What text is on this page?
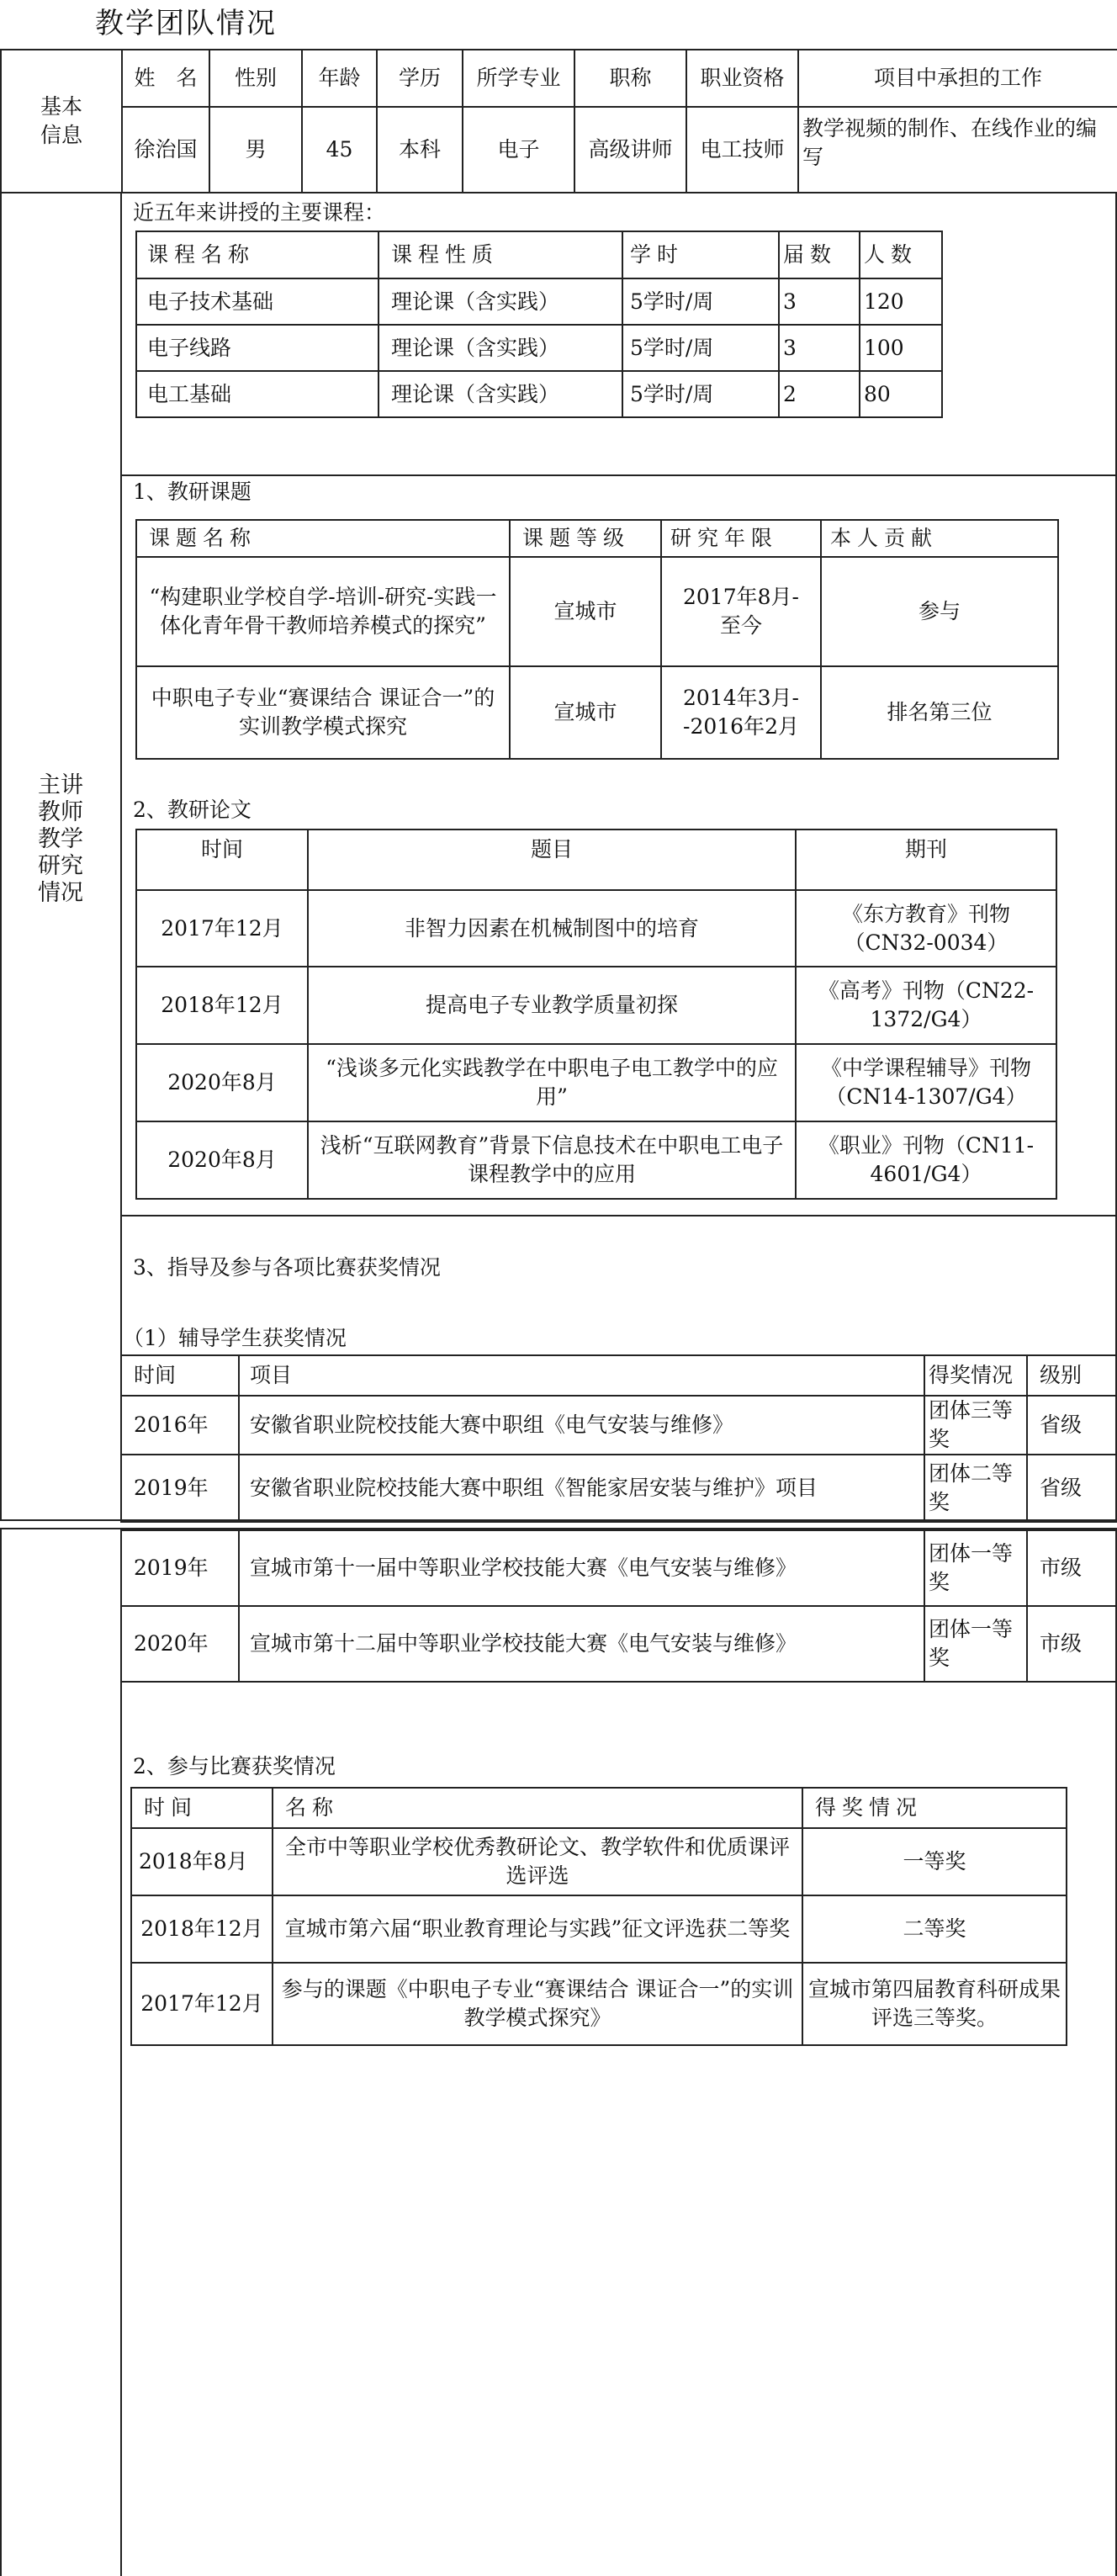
教学团队情况
基本
信息	姓　名	性别	年龄	学历	所学专业	职称	职业资格	项目中承担的工作
	徐治国	男	45	本科	电子	高级讲师	电工技师	教学视频的制作、在线作业的编写
主讲
教师
教学
研究
情况
近五年来讲授的主要课程：
课程名称	课程性质	学时	届数	人数
电子技术基础	理论课（含实践）	5学时/周	3	120
电子线路	理论课（含实践）	5学时/周	3	100
电工基础	理论课（含实践）	5学时/周	2	80
1、教研课题
课题名称	课题等级	研究年限	本人贡献
“构建职业学校自学-培训-研究-实践一体化青年骨干教师培养模式的探究”	宣城市	2017年8月-至今	参与
中职电子专业“赛课结合 课证合一”的实训教学模式探究	宣城市	2014年3月--2016年2月	排名第三位
2、教研论文
时间	题目	期刊
2017年12月	非智力因素在机械制图中的培育	《东方教育》刊物（CN32-0034）
2018年12月	提高电子专业教学质量初探	《高考》刊物（CN22-1372/G4）
2020年8月	“浅谈多元化实践教学在中职电子电工教学中的应用”	《中学课程辅导》刊物（CN14-1307/G4）
2020年8月	浅析“互联网教育”背景下信息技术在中职电工电子课程教学中的应用	《职业》刊物（CN11-4601/G4）
3、指导及参与各项比赛获奖情况
（1）辅导学生获奖情况
时间	项目	得奖情况	级别
2016年	安徽省职业院校技能大赛中职组《电气安装与维修》	团体三等奖	省级
2019年	安徽省职业院校技能大赛中职组《智能家居安装与维护》项目	团体二等奖	省级
2019年	宣城市第十一届中等职业学校技能大赛《电气安装与维修》	团体一等奖	市级
2020年	宣城市第十二届中等职业学校技能大赛《电气安装与维修》	团体一等奖	市级
2、参与比赛获奖情况
时间	名称	得奖情况
2018年8月	全市中等职业学校优秀教研论文、教学软件和优质课评选评选	一等奖
2018年12月	宣城市第六届“职业教育理论与实践”征文评选获二等奖	二等奖
2017年12月	参与的课题《中职电子专业“赛课结合 课证合一”的实训教学模式探究》	宣城市第四届教育科研成果评选三等奖。
